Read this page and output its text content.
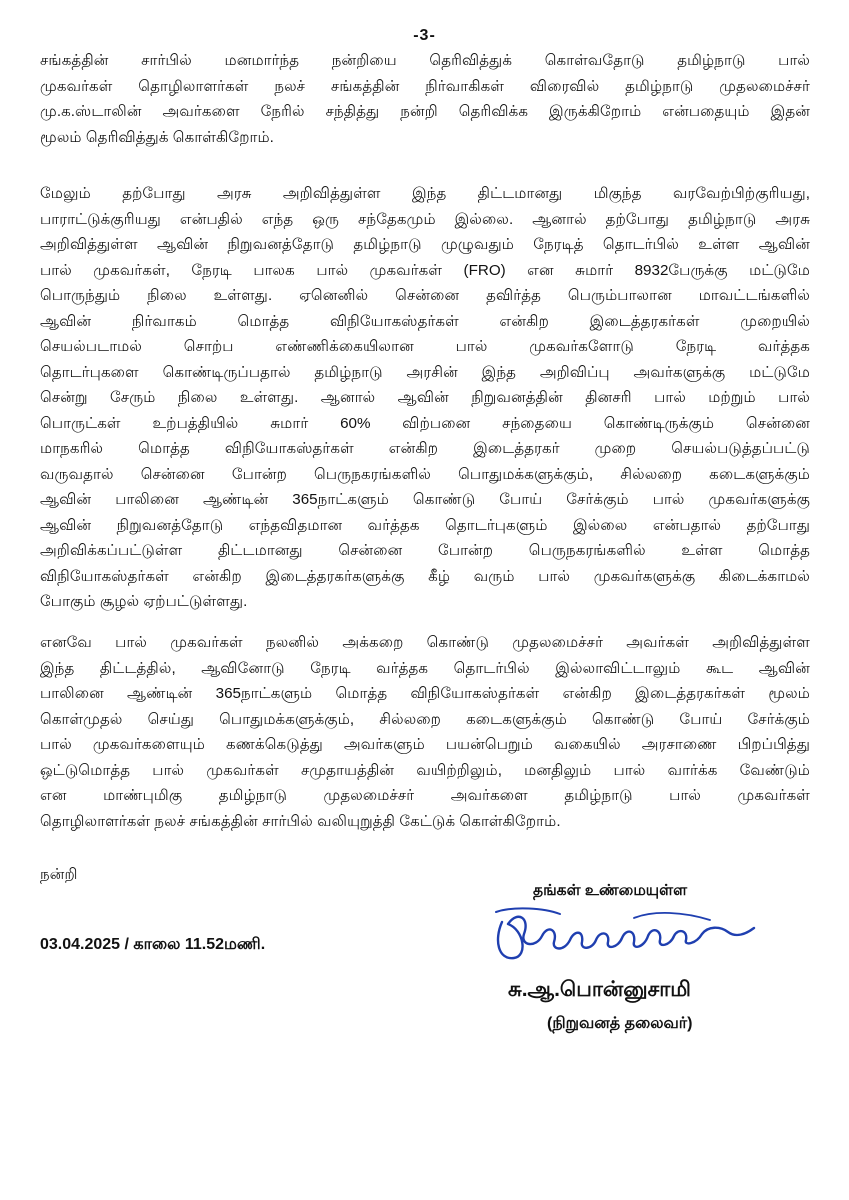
-3-
சங்கத்தின் சார்பில் மனமார்ந்த நன்றியை தெரிவித்துக் கொள்வதோடு தமிழ்நாடு பால்
முகவர்கள் தொழிலாளர்கள் நலச் சங்கத்தின் நிர்வாகிகள் விரைவில் தமிழ்நாடு முதலமைச்சர்
மு.க.ஸ்டாலின் அவர்களை நேரில் சந்தித்து நன்றி தெரிவிக்க இருக்கிறோம் என்பதையும் இதன்
மூலம் தெரிவித்துக் கொள்கிறோம்.
மேலும் தற்போது அரசு அறிவித்துள்ள இந்த திட்டமானது மிகுந்த வரவேற்பிற்குரியது,
பாராட்டுக்குரியது என்பதில் எந்த ஒரு சந்தேகமும் இல்லை. ஆனால் தற்போது தமிழ்நாடு அரசு
அறிவித்துள்ள ஆவின் நிறுவனத்தோடு தமிழ்நாடு முழுவதும் நேரடித் தொடர்பில் உள்ள ஆவின்
பால் முகவர்கள், நேரடி பாலக பால் முகவர்கள் (FRO) என சுமார் 8932பேருக்கு மட்டுமே
பொருந்தும் நிலை உள்ளது. ஏனெனில் சென்னை தவிர்த்த பெரும்பாலான மாவட்டங்களில்
ஆவின் நிர்வாகம் மொத்த விநியோகஸ்தர்கள் என்கிற இடைத்தரகர்கள் முறையில்
செயல்படாமல் சொற்ப எண்ணிக்கையிலான பால் முகவர்களோடு நேரடி வர்த்தக
தொடர்புகளை கொண்டிருப்பதால் தமிழ்நாடு அரசின் இந்த அறிவிப்பு அவர்களுக்கு மட்டுமே
சென்று சேரும் நிலை உள்ளது. ஆனால் ஆவின் நிறுவனத்தின் தினசரி பால் மற்றும் பால்
பொருட்கள் உற்பத்தியில் சுமார் 60% விற்பனை சந்தையை கொண்டிருக்கும் சென்னை
மாநகரில் மொத்த விநியோகஸ்தர்கள் என்கிற இடைத்தரகர் முறை செயல்படுத்தப்பட்டு
வருவதால் சென்னை போன்ற பெருநகரங்களில் பொதுமக்களுக்கும், சில்லறை கடைகளுக்கும்
ஆவின் பாலினை ஆண்டின் 365நாட்களும் கொண்டு போய் சேர்க்கும் பால் முகவர்களுக்கு
ஆவின் நிறுவனத்தோடு எந்தவிதமான வர்த்தக தொடர்புகளும் இல்லை என்பதால் தற்போது
அறிவிக்கப்பட்டுள்ள திட்டமானது சென்னை போன்ற பெருநகரங்களில் உள்ள மொத்த
விநியோகஸ்தர்கள் என்கிற இடைத்தரகர்களுக்கு கீழ் வரும் பால் முகவர்களுக்கு கிடைக்காமல்
போகும் சூழல் ஏற்பட்டுள்ளது.
எனவே பால் முகவர்கள் நலனில் அக்கறை கொண்டு முதலமைச்சர் அவர்கள் அறிவித்துள்ள
இந்த திட்டத்தில், ஆவினோடு நேரடி வர்த்தக தொடர்பில் இல்லாவிட்டாலும் கூட ஆவின்
பாலினை ஆண்டின் 365நாட்களும் மொத்த விநியோகஸ்தர்கள் என்கிற இடைத்தரகர்கள் மூலம்
கொள்முதல் செய்து பொதுமக்களுக்கும், சில்லறை கடைகளுக்கும் கொண்டு போய் சேர்க்கும்
பால் முகவர்களையும் கணக்கெடுத்து அவர்களும் பயன்பெறும் வகையில் அரசாணை பிறப்பித்து
ஒட்டுமொத்த பால் முகவர்கள் சமுதாயத்தின் வயிற்றிலும், மனதிலும் பால் வார்க்க வேண்டும்
என மாண்புமிகு தமிழ்நாடு முதலமைச்சர் அவர்களை தமிழ்நாடு பால் முகவர்கள்
தொழிலாளர்கள் நலச் சங்கத்தின் சார்பில் வலியுறுத்தி கேட்டுக் கொள்கிறோம்.
நன்றி
தங்கள் உண்மையுள்ள
03.04.2025 / காலை 11.52மணி.
சு.ஆ.பொன்னுசாமி
(நிறுவனத் தலைவர்)
